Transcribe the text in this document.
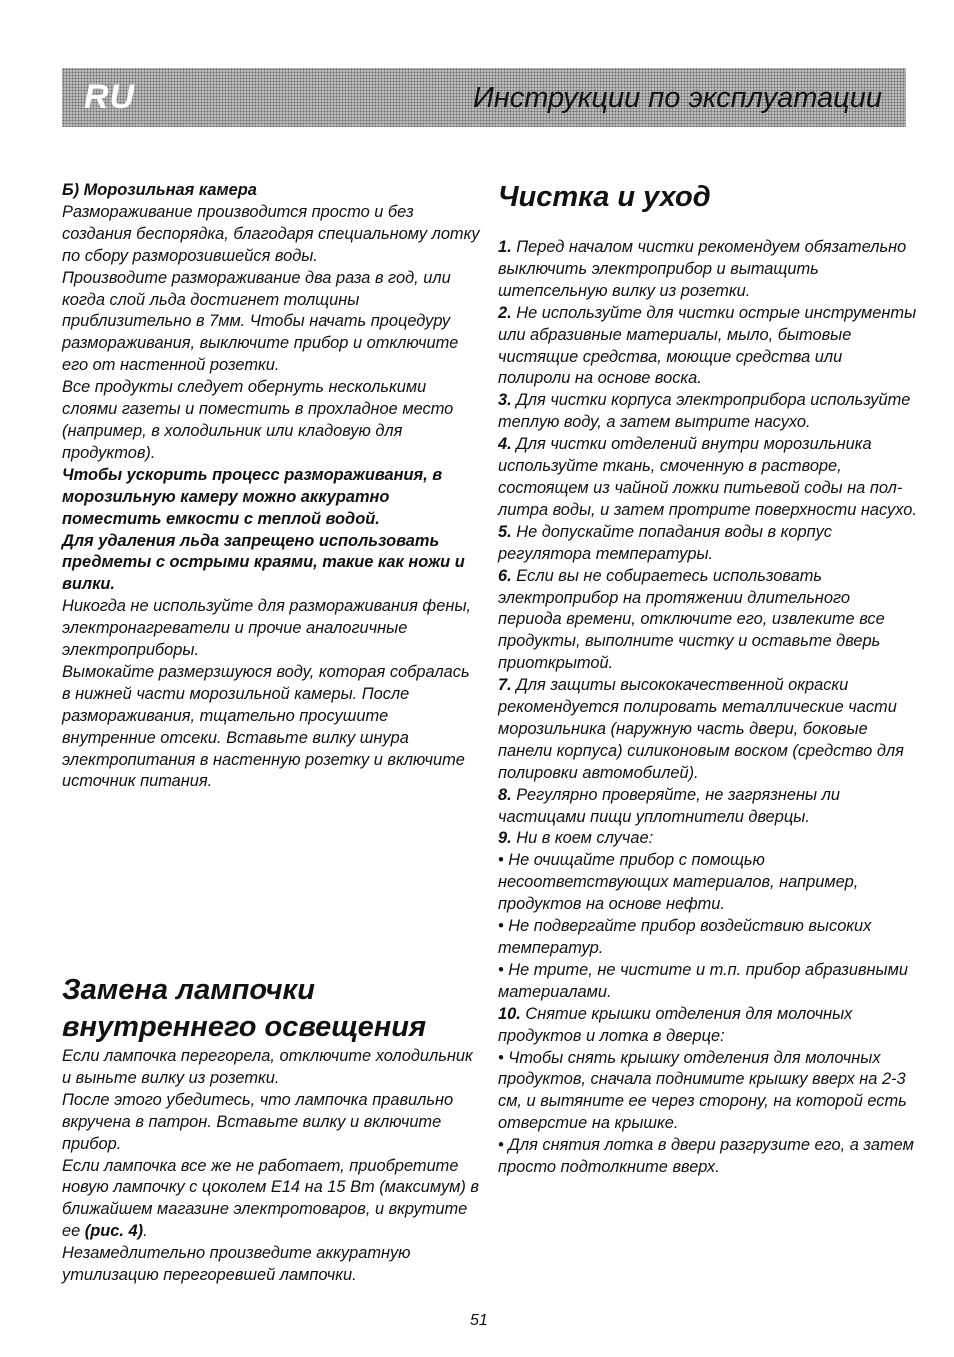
RU	Инструкции по эксплуатации

Б) Морозильная камера

Размораживание производится просто и без создания беспорядка, благодаря специальному лотку по сбору разморозившейся воды.

Производите размораживание два раза в год, или когда слой льда достигнет толщины приблизительно в 7мм. Чтобы начать процедуру размораживания, выключите прибор и отключите его от настенной розетки.

Все продукты следует обернуть несколькими слоями газеты и поместить в прохладное место (например, в холодильник или кладовую для продуктов).

Чтобы ускорить процесс размораживания, в морозильную камеру можно аккуратно поместить емкости с теплой водой.

Для удаления льда запрещено использовать предметы с острыми краями, такие как ножи и вилки.

Никогда не используйте для размораживания фены, электронагреватели и прочие аналогичные электроприборы.

Вымокайте размерзшуюся воду, которая собралась в нижней части морозильной камеры. После размораживания, тщательно просушите внутренние отсеки. Вставьте вилку шнура электропитания в настенную розетку и включите источник питания.

Замена лампочки
внутреннего освещения

Если лампочка перегорела, отключите холодильник и выньте вилку из розетки.

После этого убедитесь, что лампочка правильно вкручена в патрон. Вставьте вилку и включите прибор.

Если лампочка все же не работает, приобретите новую лампочку с цоколем E14 на 15 Вт (максимум) в ближайшем магазине электротоваров, и вкрутите ее (рис. 4).

Незамедлительно произведите аккуратную утилизацию перегоревшей лампочки.

Чистка и уход

1. Перед началом чистки рекомендуем обязательно выключить электроприбор и вытащить штепсельную вилку из розетки.

2. Не используйте для чистки острые инструменты или абразивные материалы, мыло, бытовые чистящие средства, моющие средства или полироли на основе воска.

3. Для чистки корпуса электроприбора используйте теплую воду, а затем вытрите насухо.

4. Для чистки отделений внутри морозильника используйте ткань, смоченную в растворе, состоящем из чайной ложки питьевой соды на пол-литра воды, и затем протрите поверхности насухо.

5. Не допускайте попадания воды в корпус регулятора температуры.

6. Если вы не собираетесь использовать электроприбор на протяжении длительного периода времени, отключите его, извлеките все продукты, выполните чистку и оставьте дверь приоткрытой.

7. Для защиты высококачественной окраски рекомендуется полировать металлические части морозильника (наружную часть двери, боковые панели корпуса) силиконовым воском (средство для полировки автомобилей).

8. Регулярно проверяйте, не загрязнены ли частицами пищи уплотнители дверцы.

9. Ни в коем случае:

• Не очищайте прибор с помощью несоответствующих материалов, например, продуктов на основе нефти.

• Не подвергайте прибор воздействию высоких температур.

• Не трите, не чистите и т.п. прибор абразивными материалами.

10. Снятие крышки отделения для молочных продуктов и лотка в дверце:

• Чтобы снять крышку отделения для молочных продуктов, сначала поднимите крышку вверх на 2-3 см, и вытяните ее через сторону, на которой есть отверстие на крышке.

• Для снятия лотка в двери разгрузите его, а затем просто подтолкните вверх.

51
